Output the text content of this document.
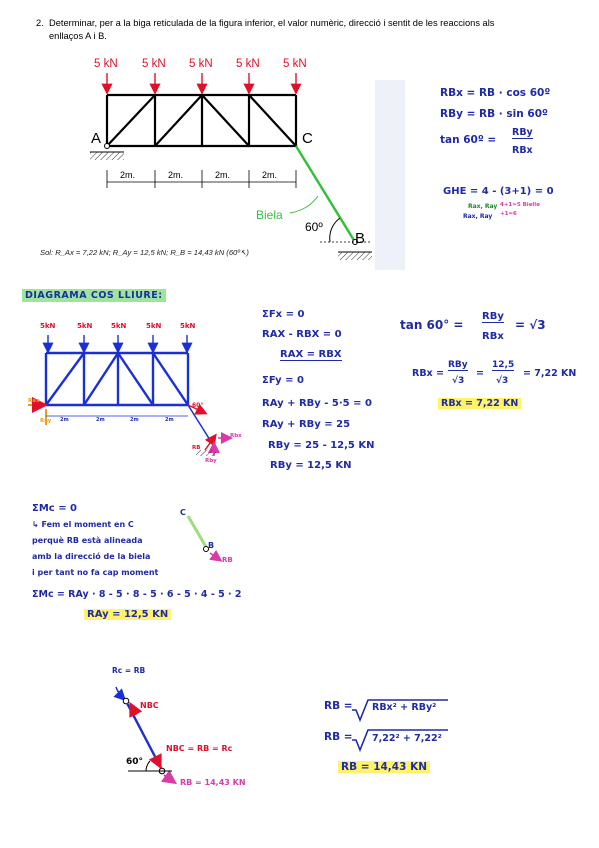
2. Determinar, per a la biga reticulada de la figura inferior, el valor numèric, direcció i sentit de les reaccions als enllaços A i B.
5 kN 5 kN 5 kN 5 kN 5 kN
A	C
B
2m.	2m.	2m.	2m.
Biela
60º
Sol: R_Ax = 7,22 kN; R_Ay = 12,5 kN; R_B = 14,43 kN (60º↖)
RBx = RB · cos 60º
RBy = RB · sin 60º
tan 60º =
RBy
RBx
GHE = 4 - (3+1) = 0
Rax, Ray
Rax, Ray
4+1=5 Bielle
+1=6
DIAGRAMA COS LLIURE:
5kN	5kN	5kN	5kN	5kN
Rax
Ray
60°
RB
Rbx
Rby
2m	2m	2m	2m
ΣFx = 0
RAX - RBX = 0
RAX = RBX
ΣFy = 0
RAy + RBy - 5·5 = 0
RAy + RBy = 25
RBy = 25 - 12,5 KN
RBy = 12,5 KN
tan 60° =
RBy
RBx
= √3
RBx =
RBy
√3
=
12,5
√3
= 7,22 KN
RBx = 7,22 KN
ΣMc = 0
↳ Fem el moment en C
perquè RB està alineada
amb la direcció de la biela
i per tant no fa cap moment
ΣMc = RAy · 8 - 5 · 8 - 5 · 6 - 5 · 4 - 5 · 2
RAy = 12,5 KN
C
B
RB
Rc = RB
NBC
NBC = RB = Rc
60°
RB = 14,43 KN
RB = RBx² + RBy²
RB = 7,22² + 7,22²
RB = 14,43 KN
